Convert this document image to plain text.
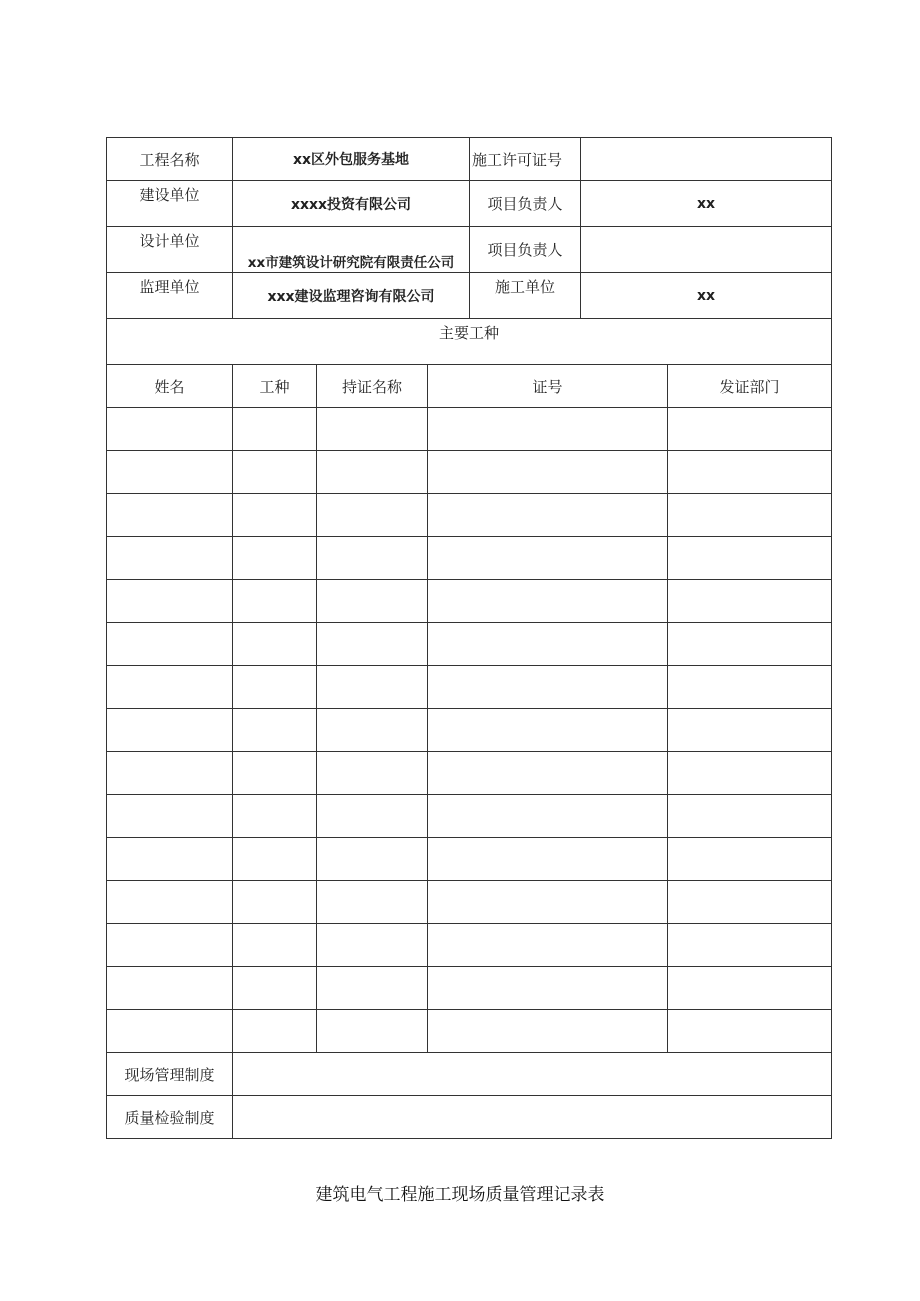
工程名称	xx区外包服务基地			施工许可证号		
建设单位	xxxx投资有限公司			项目负责人	xx	
设计单位	xx市建筑设计研究院有限责任公司			项目负责人		
监理单位	xxx建设监理咨询有限公司			施工单位	xx	
主要工种						
姓名	工种	持证名称	证号			发证部门

现场管理制度						
质量检验制度						
建筑电气工程施工现场质量管理记录表
